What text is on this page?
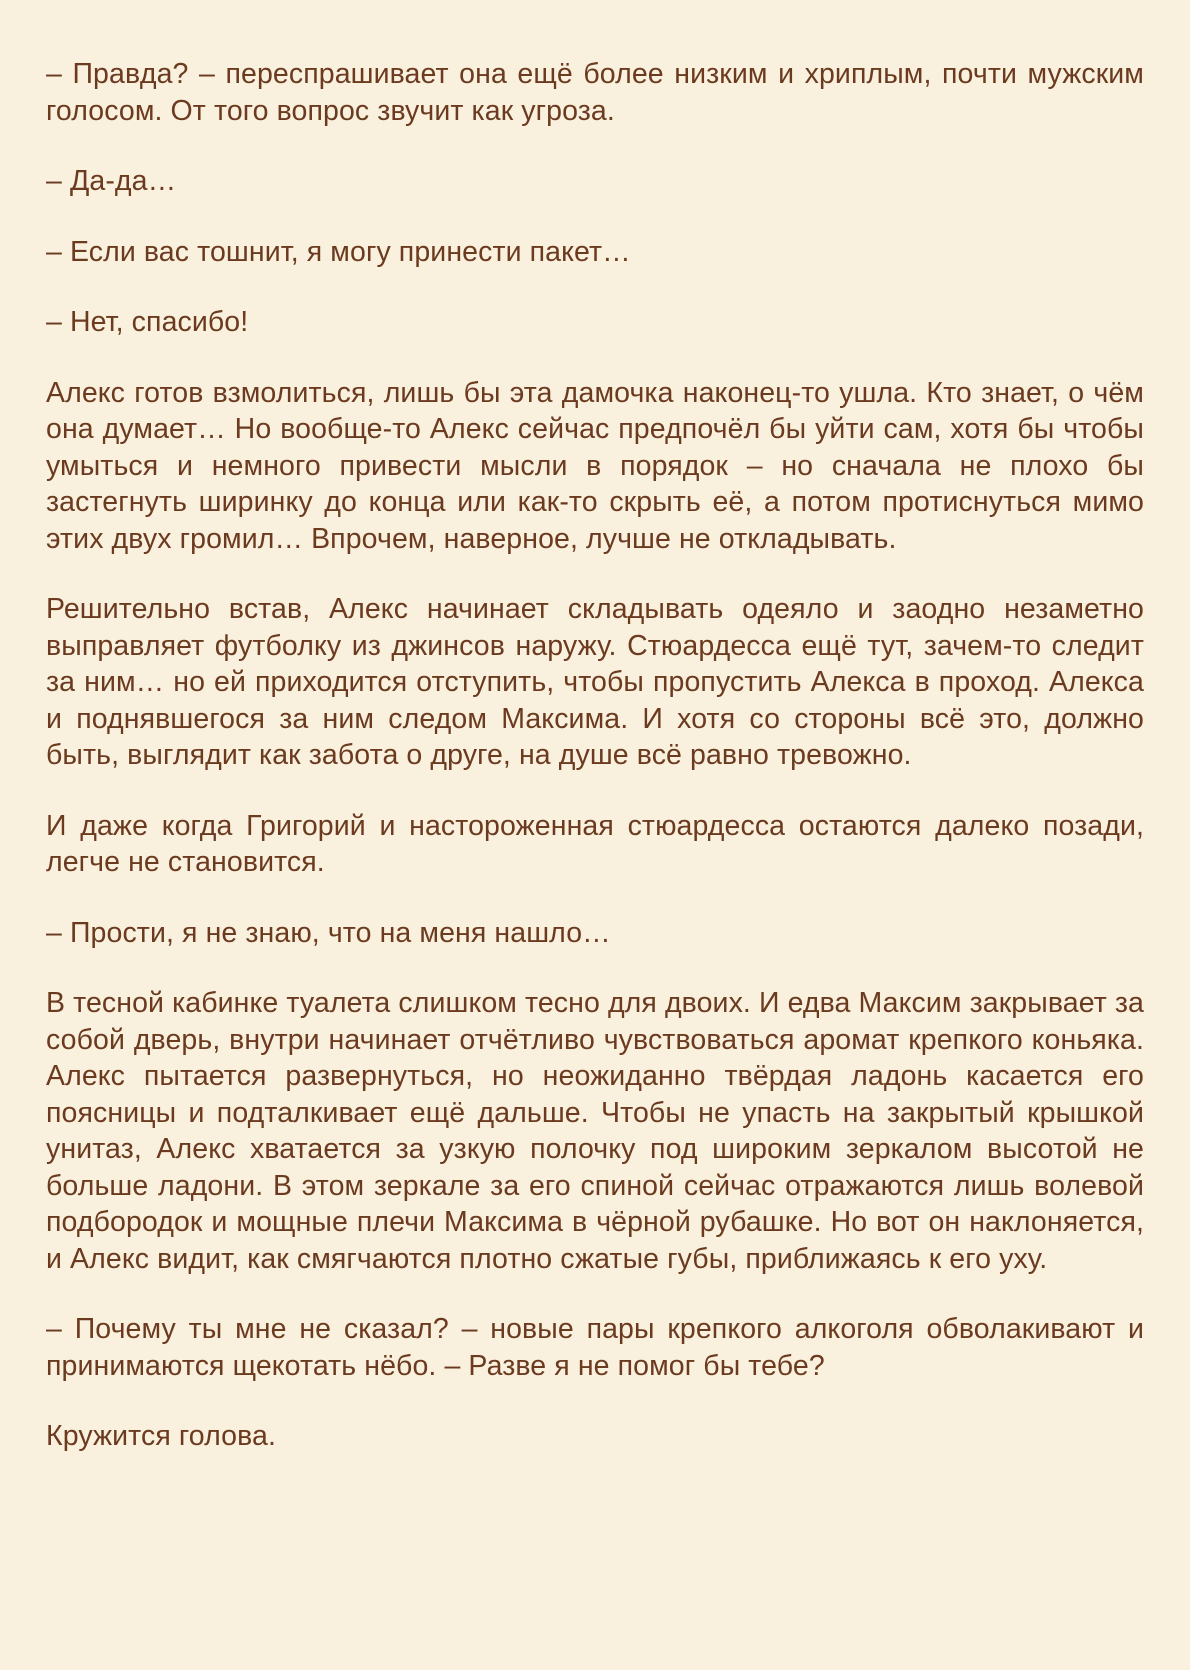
– Правда? – переспрашивает она ещё более низким и хриплым, почти мужским голосом. От того вопрос звучит как угроза.

– Да-да…

– Если вас тошнит, я могу принести пакет…

– Нет, спасибо!

Алекс готов взмолиться, лишь бы эта дамочка наконец-то ушла. Кто знает, о чём она думает… Но вообще-то Алекс сейчас предпочёл бы уйти сам, хотя бы чтобы умыться и немного привести мысли в порядок – но сначала не плохо бы застегнуть ширинку до конца или как-то скрыть её, а потом протиснуться мимо этих двух громил… Впрочем, наверное, лучше не откладывать.

Решительно встав, Алекс начинает складывать одеяло и заодно незаметно выправляет футболку из джинсов наружу. Стюардесса ещё тут, зачем-то следит за ним… но ей приходится отступить, чтобы пропустить Алекса в проход. Алекса и поднявшегося за ним следом Максима. И хотя со стороны всё это, должно быть, выглядит как забота о друге, на душе всё равно тревожно.

И даже когда Григорий и настороженная стюардесса остаются далеко позади, легче не становится.

– Прости, я не знаю, что на меня нашло…

В тесной кабинке туалета слишком тесно для двоих. И едва Максим закрывает за собой дверь, внутри начинает отчётливо чувствоваться аромат крепкого коньяка. Алекс пытается развернуться, но неожиданно твёрдая ладонь касается его поясницы и подталкивает ещё дальше. Чтобы не упасть на закрытый крышкой унитаз, Алекс хватается за узкую полочку под широким зеркалом высотой не больше ладони. В этом зеркале за его спиной сейчас отражаются лишь волевой подбородок и мощные плечи Максима в чёрной рубашке. Но вот он наклоняется, и Алекс видит, как смягчаются плотно сжатые губы, приближаясь к его уху.

– Почему ты мне не сказал? – новые пары крепкого алкоголя обволакивают и принимаются щекотать нёбо. – Разве я не помог бы тебе?

Кружится голова.
